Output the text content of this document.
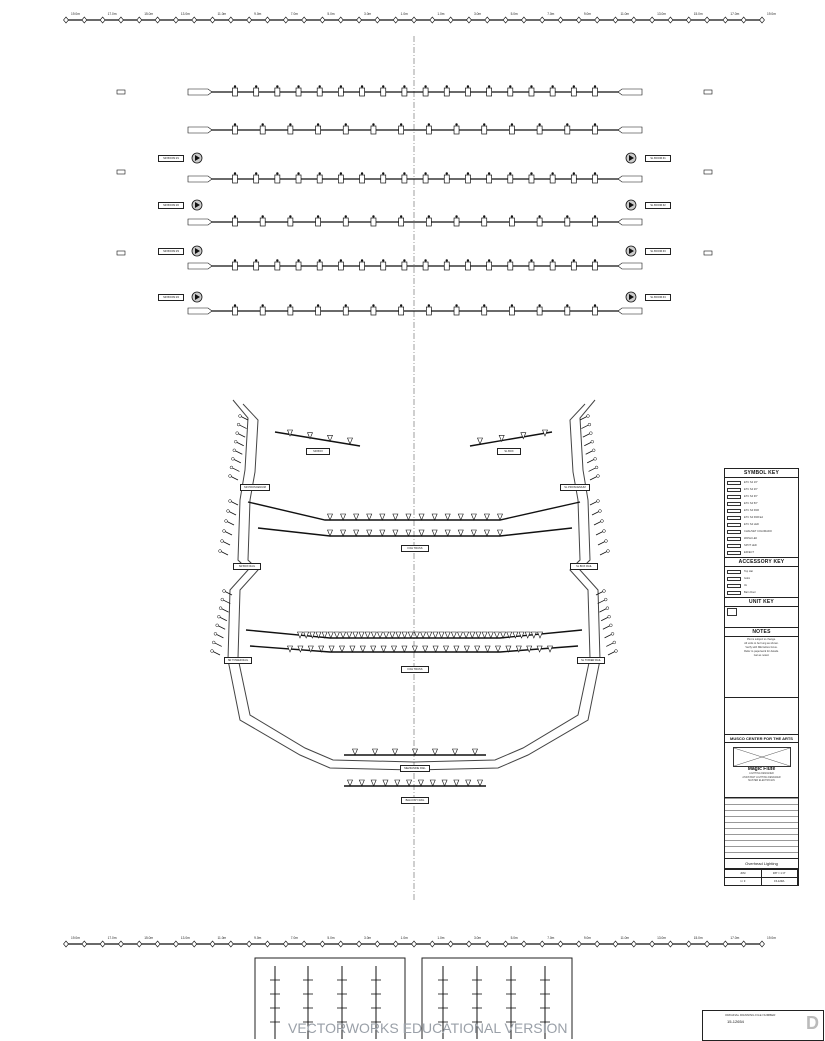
19.0m	17.0m	15.0m	13.0m	11.0m	9.0m	7.0m	5.0m	3.0m	1.0m	1.0m	3.0m	5.0m	7.0m	9.0m	11.0m	13.0m	15.0m	17.0m	19.0m
19.0m	17.0m	15.0m	13.0m	11.0m	9.0m	7.0m	5.0m	3.0m	1.0m	1.0m	3.0m	5.0m	7.0m	9.0m	11.0m	13.0m	15.0m	17.0m	19.0m
SR BOX	SL BOX
SR PROSCENIUM	SL PROSCENIUM
FOH TRUSS
SR BOX RAIL	SL BOX RAIL
SR TOWER RAIL	SL TOWER RAIL
FOH TRUSS
MEZZANINE RAIL
BALCONY RAIL
SR BOOM #1	SL BOOM #1
SR BOOM #2	SL BOOM #2
SR BOOM #3	SL BOOM #3
SR BOOM #4	SL BOOM #4
SYMBOL KEY
ETC S4 19°
ETC S4 26°
ETC S4 36°
ETC S4 50°
ETC S4 PAR
ETC S4 PAR EA
ETC S4 LED
CHAUVET COLORADO
WASH LED
SPOT LED
EFFECT
ACCESSORY KEY
Top Hat
Gobo
Iris
Barn Door
UNIT KEY
NOTES
Plot is subject to change.
All units to be hung as shown.
Verify with ME before focus.
Refer to paperwork for details.
Gel as noted.
MUSCO CENTER FOR THE ARTS
Magic Flute
LIGHTING DESIGNER
ASSISTANT LIGHTING DESIGNER
MASTER ELECTRICIAN
Overhead Lighting
JCM	3/8" = 1'-0"
1 / 3	15-12RA
VECTORWORKS EDUCATIONAL VERSION
ORIGINAL DRAWING FILE NUMBER
15-12654	D
